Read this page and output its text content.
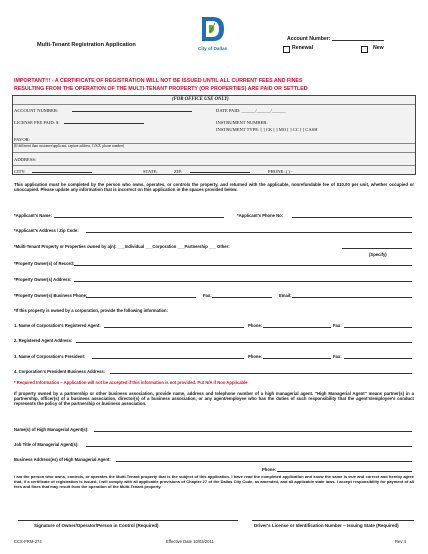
Multi-Tenant Registration Application
City of Dallas
Account Number:
Renewal	New
IMPORTANT!!! - A CERTIFICATE OF REGISTRATION WILL NOT BE ISSUED UNTIL ALL CURRENT FEES AND FINES
RESULTING FROM THE OPERATION OF THE MULTI-TENANT PROPERTY (OR PROPERTIES) ARE PAID OR SETTLED
(FOR OFFICE USE ONLY)
ACCOUNT NUMBER:	DATE PAID: ______/______/______
LICENSE FEE PAID: $	INSTRUMENT NUMBER:
INSTRUMENT TYPE: [ ] CK [ ] MO [ ] CC [ ] CASH
PAYOR:
(If different than customer/applicant, capture address, C/S/Z, phone number)
ADDRESS:
CITY:	STATE:	ZIP:	PHONE: ( ) -
This application must be completed by the person who owns, operates, or controls the property, and returned with the applicable, nonrefundable fee of $10.00 per unit, whether occupied or unoccupied. Please update any information that is incorrect on this application in the spaces provided below.
*Applicant's Name:	*Applicant's Phone No:
*Applicant's Address / Zip Code:
*Multi-Tenant Property or Properties owned by a(n): ___Individual ___Corporation ___Partnership ___ Other:
(Specify)
*Property Owner(s) of Record:
*Property Owner(s) Address:
*Property Owner(s) Business Phone:	Fax:	Email:
*If this property is owned by a corporation, provide the following information:
1. Name of Corporation's Registered Agent:	Phone:	Fax:
2. Registered Agent Address:
3. Name of Corporation's President:	Phone:	Fax:
4. Corporation's President Business Address:
* Required Information – Application will not be accepted if this information is not provided. Put N/A if Non Applicable
If property owned by a partnership or other business association, provide name, address and telephone number of a high managerial agent. "High Managerial Agent" means partner(s) in a partnership, officer(s) of a business association, director(s) of a business association, or any agent/employee who has the duties of such responsibility that the agent's/employee's conduct represents the policy of the partnership or business association.
Name(s) of High Managerial Agent(s):
Job Title of Managerial Agent(s):
Business Address(es) of High Managerial Agent:
Phone:
I am the person who owns, controls, or operates the Multi-Tenant property that is the subject of this application. I have read the completed application and know the same is true and correct and hereby agree that, if a certificate of registration is issued, I will comply with all applicable provisions of Chapter 27 of the Dallas City Code, as amended, and all applicable state laws. I accept responsibility for payment of all fees and fines that may result from the operation of the Multi-Tenant property.
Signature of Owner/Operator/Person in Control (Required)	Driver's License or Identification Number – Issuing State (Required)
CCS-FRM-274	Effective Date 10/03/2011	Rev 4
